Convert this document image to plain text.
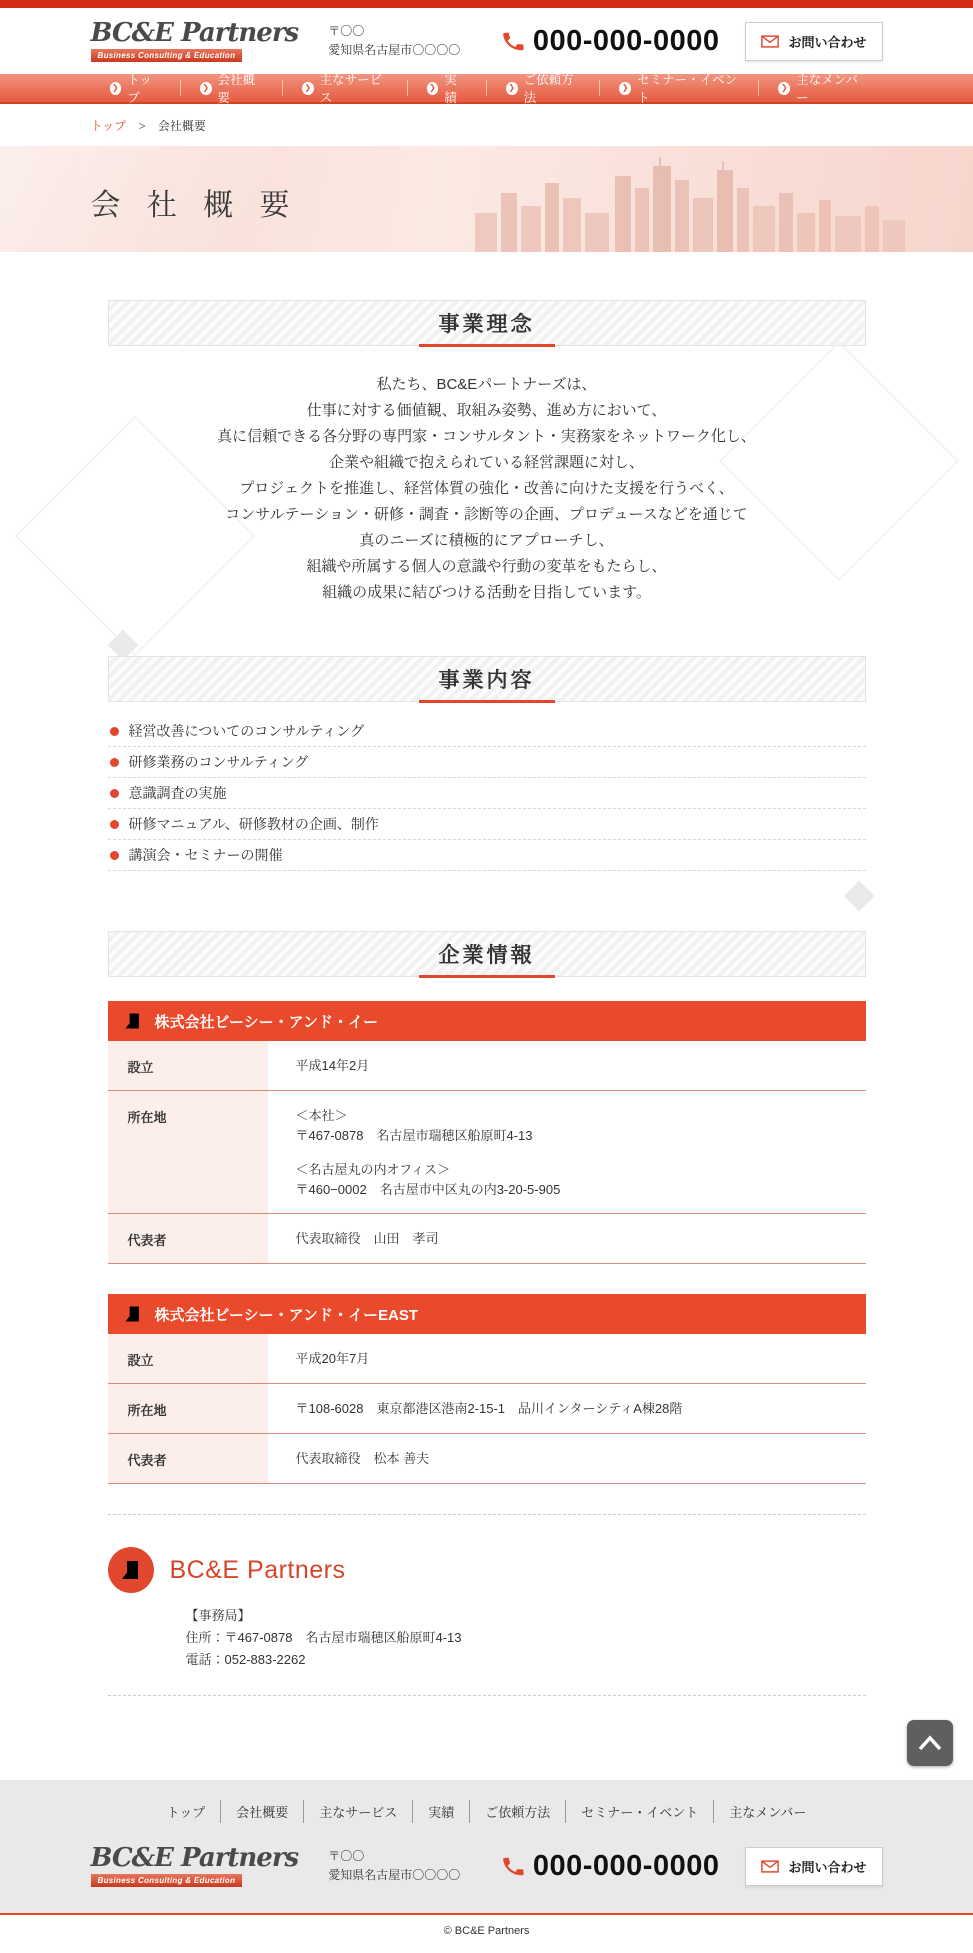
BC&E Partners
Business Consulting & Education
〒〇〇
愛知県名古屋市〇〇〇〇	000-000-0000	お問い合わせ
❯
トップ
❯
会社概要
❯
主なサービス
❯
実績
❯
ご依頼方法
❯
セミナー・イベント
❯
主なメンバー
トップ > 会社概要
会 社 概 要
事業理念

私たち、BC&Eパートナーズは、

仕事に対する価値観、取組み姿勢、進め方において、

真に信頼できる各分野の専門家・コンサルタント・実務家をネットワーク化し、

企業や組織で抱えられている経営課題に対し、

プロジェクトを推進し、経営体質の強化・改善に向けた支援を行うべく、

コンサルテーション・研修・調査・診断等の企画、プロデュースなどを通じて

真のニーズに積極的にアプローチし、

組織や所属する個人の意識や行動の変革をもたらし、

組織の成果に結びつける活動を目指しています。

事業内容
経営改善についてのコンサルティング
研修業務のコンサルティング
意識調査の実施
研修マニュアル、研修教材の企画、制作
講演会・セミナーの開催
企業情報
株式会社ビーシー・アンド・イー
設立	平成14年2月
所在地	＜本社＞
〒467-0878　名古屋市瑞穂区船原町4-13
＜名古屋丸の内オフィス＞
〒460−0002　名古屋市中区丸の内3-20-5-905
代表者	代表取締役　山田　孝司
株式会社ビーシー・アンド・イーEAST
設立	平成20年7月
所在地	〒108-6028　東京都港区港南2-15-1　品川インターシティA棟28階
代表者	代表取締役　松本 善夫
BC&E Partners
【事務局】
住所：〒467-0878　名古屋市瑞穂区船原町4-13
電話：052-883-2262
トップ	会社概要	主なサービス	実績	ご依頼方法	セミナー・イベント	主なメンバー
BC&E Partners
Business Consulting & Education
〒〇〇
愛知県名古屋市〇〇〇〇	000-000-0000	お問い合わせ
© BC&E Partners
